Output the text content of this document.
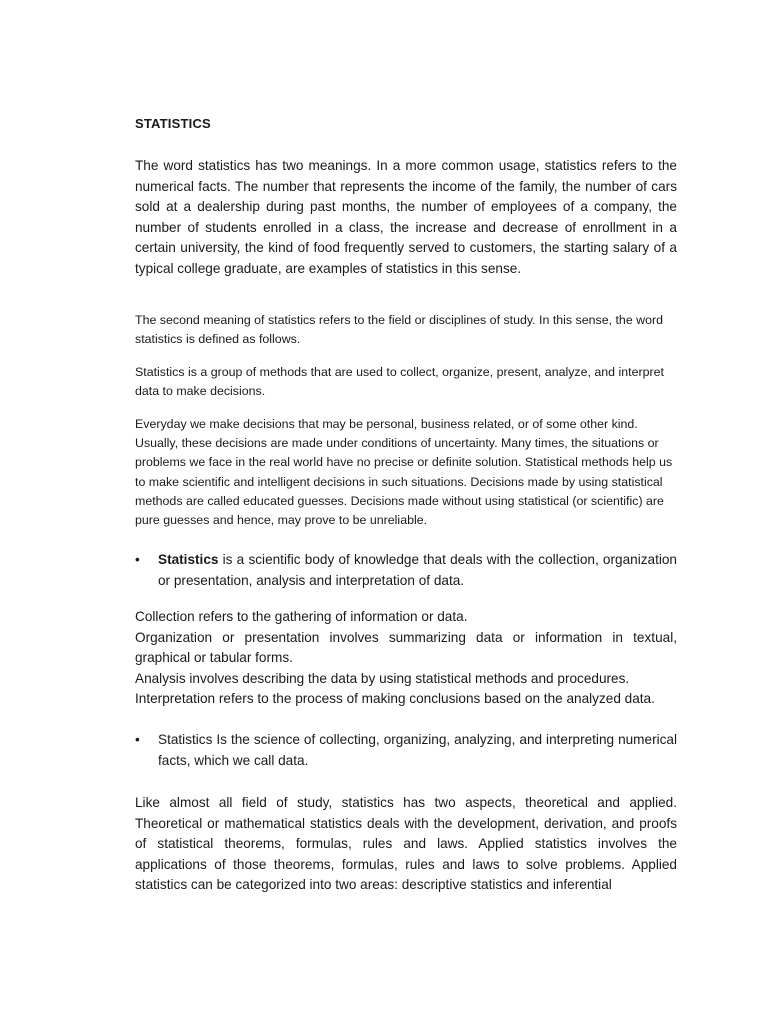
STATISTICS

The word statistics has two meanings. In a more common usage, statistics refers to the numerical facts. The number that represents the income of the family, the number of cars sold at a dealership during past months, the number of employees of a company, the number of students enrolled in a class, the increase and decrease of enrollment in a certain university, the kind of food frequently served to customers, the starting salary of a typical college graduate, are examples of statistics in this sense.

The second meaning of statistics refers to the field or disciplines of study. In this sense, the word statistics is defined as follows.

Statistics is a group of methods that are used to collect, organize, present, analyze, and interpret data to make decisions.

Everyday we make decisions that may be personal, business related, or of some other kind. Usually, these decisions are made under conditions of uncertainty. Many times, the situations or problems we face in the real world have no precise or definite solution. Statistical methods help us to make scientific and intelligent decisions in such situations. Decisions made by using statistical methods are called educated guesses. Decisions made without using statistical (or scientific) are pure guesses and hence, may prove to be unreliable.

• Statistics is a scientific body of knowledge that deals with the collection, organization or presentation, analysis and interpretation of data.

Collection refers to the gathering of information or data.
Organization or presentation involves summarizing data or information in textual, graphical or tabular forms.
Analysis involves describing the data by using statistical methods and procedures.
Interpretation refers to the process of making conclusions based on the analyzed data.
• Statistics Is the science of collecting, organizing, analyzing, and interpreting numerical facts, which we call data.

Like almost all field of study, statistics has two aspects, theoretical and applied. Theoretical or mathematical statistics deals with the development, derivation, and proofs of statistical theorems, formulas, rules and laws. Applied statistics involves the applications of those theorems, formulas, rules and laws to solve problems. Applied statistics can be categorized into two areas: descriptive statistics and inferential
